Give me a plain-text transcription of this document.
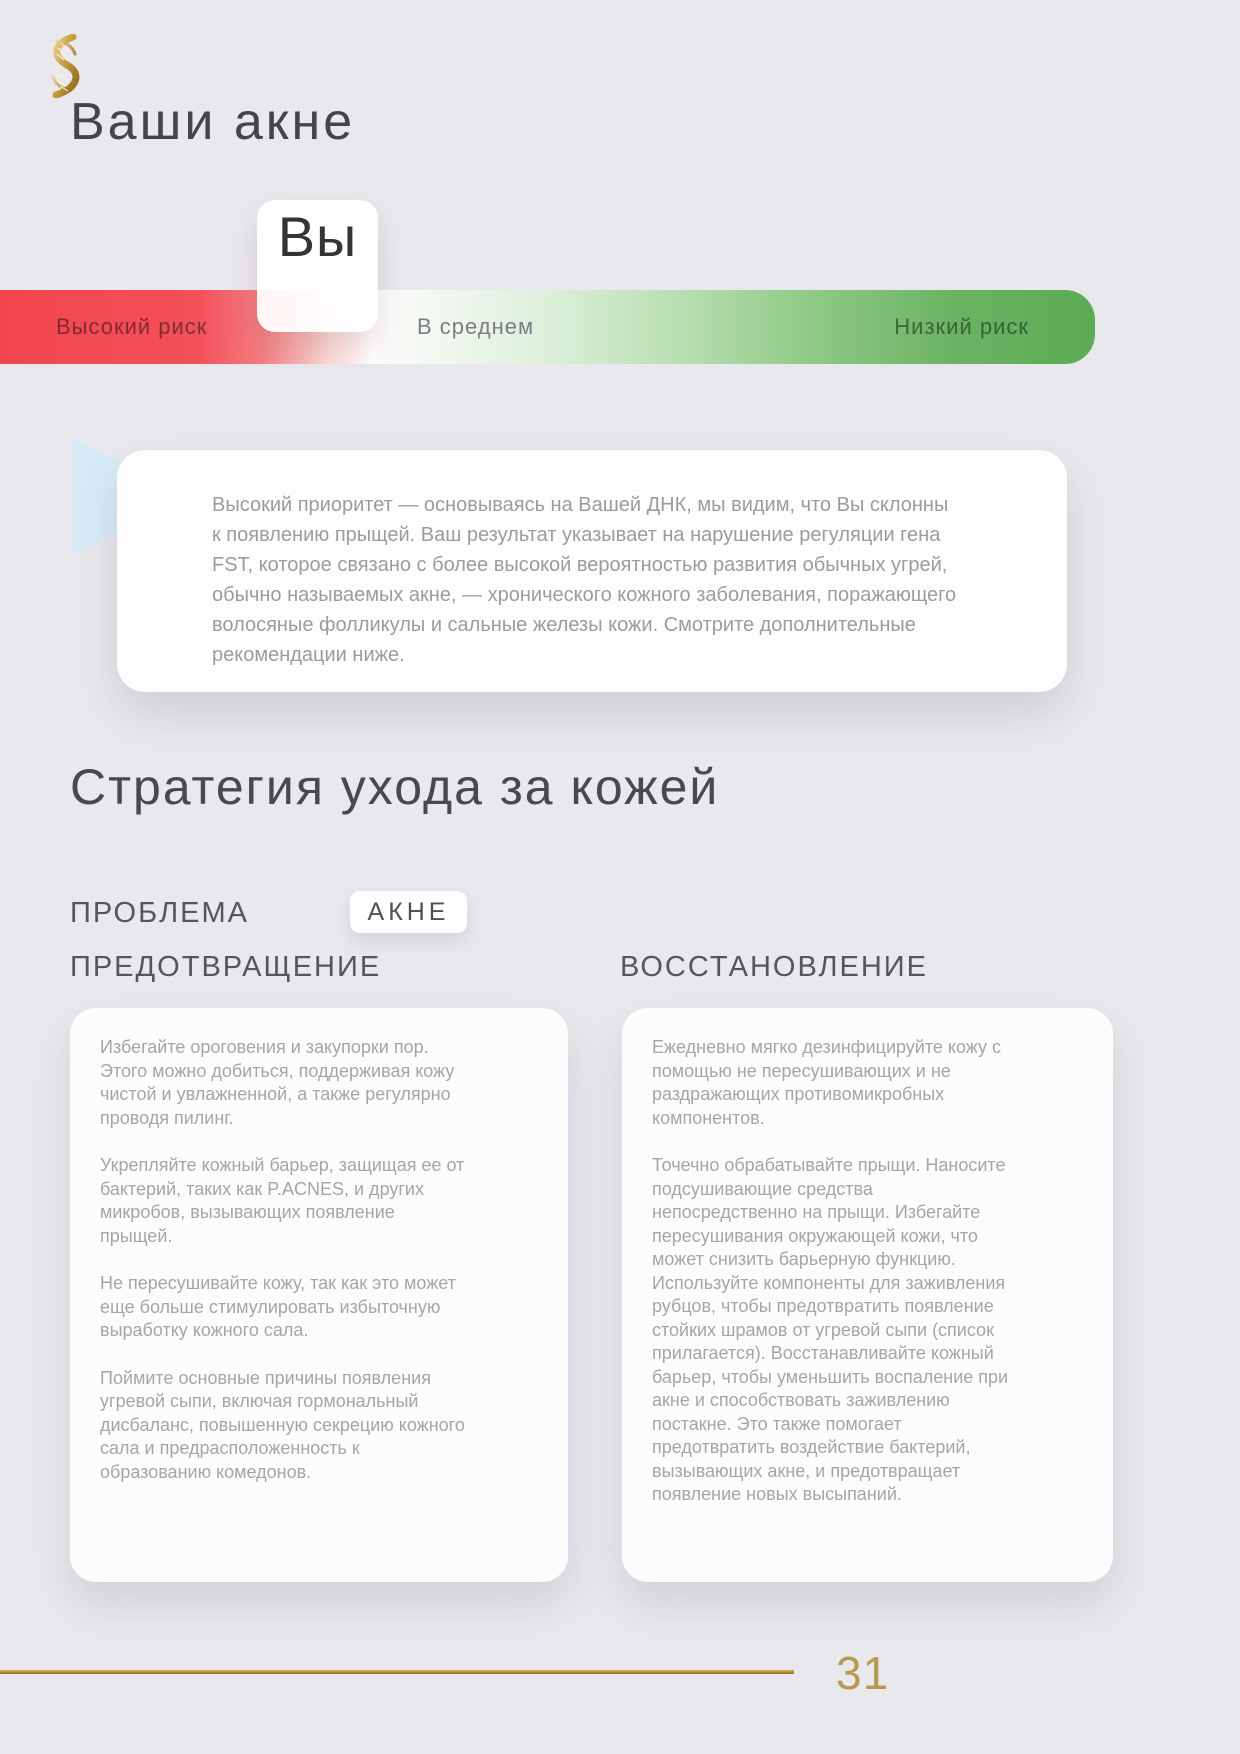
Ваши акне
Высокий риск	В среднем	Низкий риск
Вы

Высокий приоритет — основываясь на Вашей ДНК, мы видим, что Вы склонны к появлению прыщей. Ваш результат указывает на нарушение регуляции гена FST, которое связано с более высокой вероятностью развития обычных угрей, обычно называемых акне, — хронического кожного заболевания, поражающего волосяные фолликулы и сальные железы кожи. Смотрите дополнительные рекомендации ниже.

Стратегия ухода за кожей
ПРОБЛЕМА	АКНЕ
ПРЕДОТВРАЩЕНИЕ	ВОССТАНОВЛЕНИЕ

Избегайте ороговения и закупорки пор. Этого можно добиться, поддерживая кожу чистой и увлажненной, а также регулярно проводя пилинг.

Укрепляйте кожный барьер, защищая ее от бактерий, таких как P.ACNES, и других микробов, вызывающих появление прыщей.

Не пересушивайте кожу, так как это может еще больше стимулировать избыточную выработку кожного сала.

Поймите основные причины появления угревой сыпи, включая гормональный дисбаланс, повышенную секрецию кожного сала и предрасположенность к образованию комедонов.

Ежедневно мягко дезинфицируйте кожу с помощью не пересушивающих и не раздражающих противомикробных компонентов.

Точечно обрабатывайте прыщи. Наносите подсушивающие средства непосредственно на прыщи. Избегайте пересушивания окружающей кожи, что может снизить барьерную функцию. Используйте компоненты для заживления рубцов, чтобы предотвратить появление стойких шрамов от угревой сыпи (список прилагается). Восстанавливайте кожный барьер, чтобы уменьшить воспаление при акне и способствовать заживлению постакне. Это также помогает предотвратить воздействие бактерий, вызывающих акне, и предотвращает появление новых высыпаний.

31
